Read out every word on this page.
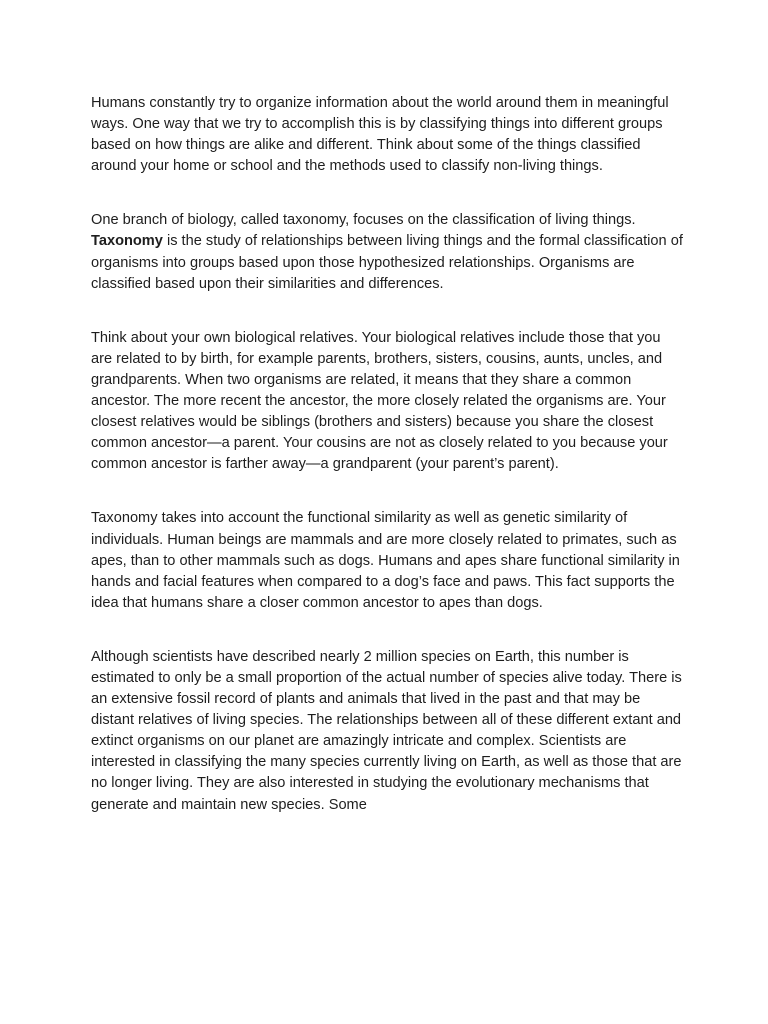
Humans constantly try to organize information about the world around them in meaningful ways. One way that we try to accomplish this is by classifying things into different groups based on how things are alike and different. Think about some of the things classified around your home or school and the methods used to classify non-living things.

One branch of biology, called taxonomy, focuses on the classification of living things. Taxonomy is the study of relationships between living things and the formal classification of organisms into groups based upon those hypothesized relationships. Organisms are classified based upon their similarities and differences.

Think about your own biological relatives. Your biological relatives include those that you are related to by birth, for example parents, brothers, sisters, cousins, aunts, uncles, and grandparents. When two organisms are related, it means that they share a common ancestor. The more recent the ancestor, the more closely related the organisms are. Your closest relatives would be siblings (brothers and sisters) because you share the closest common ancestor—a parent. Your cousins are not as closely related to you because your common ancestor is farther away—a grandparent (your parent’s parent).

Taxonomy takes into account the functional similarity as well as genetic similarity of individuals. Human beings are mammals and are more closely related to primates, such as apes, than to other mammals such as dogs. Humans and apes share functional similarity in hands and facial features when compared to a dog’s face and paws. This fact supports the idea that humans share a closer common ancestor to apes than dogs.

Although scientists have described nearly 2 million species on Earth, this number is estimated to only be a small proportion of the actual number of species alive today. There is an extensive fossil record of plants and animals that lived in the past and that may be distant relatives of living species. The relationships between all of these different extant and extinct organisms on our planet are amazingly intricate and complex. Scientists are interested in classifying the many species currently living on Earth, as well as those that are no longer living. They are also interested in studying the evolutionary mechanisms that generate and maintain new species. Some
